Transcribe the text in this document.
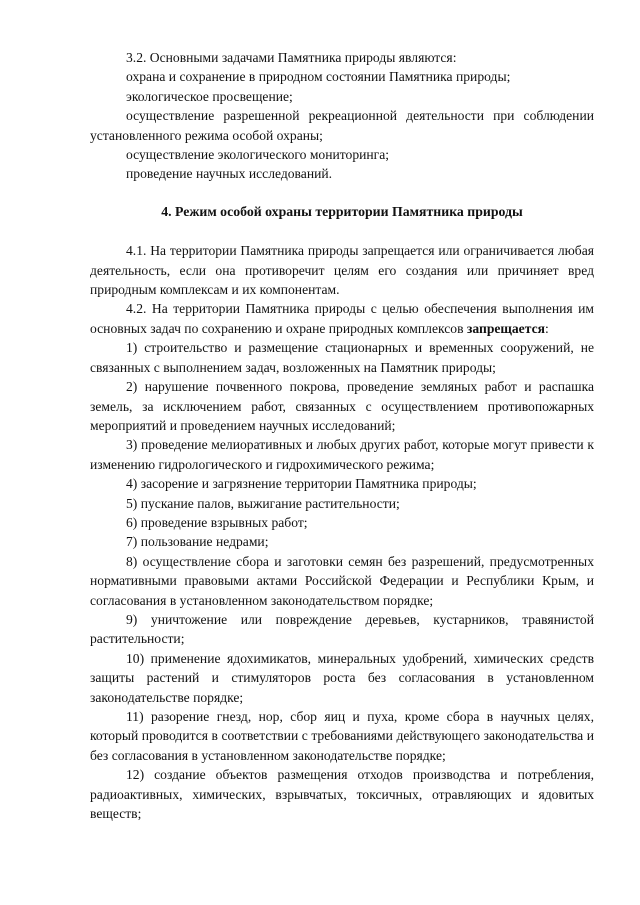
3.2. Основными задачами Памятника природы являются:

охрана и сохранение в природном состоянии Памятника природы;

экологическое просвещение;

осуществление разрешенной рекреационной деятельности при соблюдении установленного режима особой охраны;

осуществление экологического мониторинга;

проведение научных исследований.

4. Режим особой охраны территории Памятника природы

4.1. На территории Памятника природы запрещается или ограничивается любая деятельность, если она противоречит целям его создания или причиняет вред природным комплексам и их компонентам.

4.2. На территории Памятника природы с целью обеспечения выполнения им основных задач по сохранению и охране природных комплексов запрещается:

1) строительство и размещение стационарных и временных сооружений, не связанных с выполнением задач, возложенных на Памятник природы;

2) нарушение почвенного покрова, проведение земляных работ и распашка земель, за исключением работ, связанных с осуществлением противопожарных мероприятий и проведением научных исследований;

3) проведение мелиоративных и любых других работ, которые могут привести к изменению гидрологического и гидрохимического режима;

4) засорение и загрязнение территории Памятника природы;

5) пускание палов, выжигание растительности;

6) проведение взрывных работ;

7) пользование недрами;

8) осуществление сбора и заготовки семян без разрешений, предусмотренных нормативными правовыми актами Российской Федерации и Республики Крым, и согласования в установленном законодательством порядке;

9) уничтожение или повреждение деревьев, кустарников, травянистой растительности;

10) применение ядохимикатов, минеральных удобрений, химических средств защиты растений и стимуляторов роста без согласования в установленном законодательстве порядке;

11) разорение гнезд, нор, сбор яиц и пуха, кроме сбора в научных целях, который проводится в соответствии с требованиями действующего законодательства и без согласования в установленном законодательстве порядке;

12) создание объектов размещения отходов производства и потребления, радиоактивных, химических, взрывчатых, токсичных, отравляющих и ядовитых веществ;
